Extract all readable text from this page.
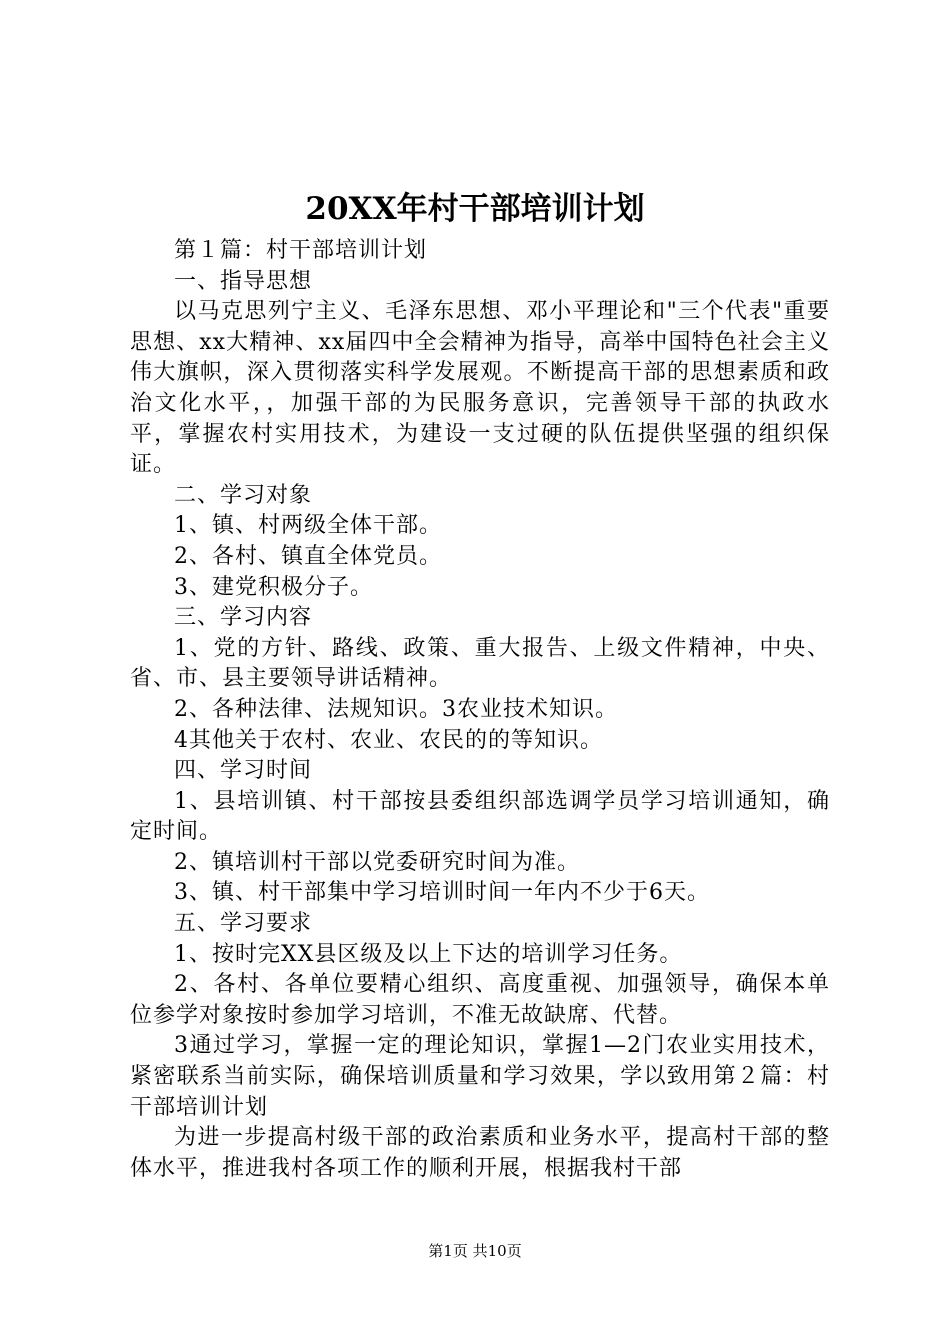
20XX年村干部培训计划

第１篇：村干部培训计划

一、指导思想

以马克思列宁主义、毛泽东思想、邓小平理论和"三个代表"重要思想、xx大精神、xx届四中全会精神为指导，高举中国特色社会主义伟大旗帜，深入贯彻落实科学发展观。不断提高干部的思想素质和政治文化水平，，加强干部的为民服务意识，完善领导干部的执政水平，掌握农村实用技术，为建设一支过硬的队伍提供坚强的组织保证。

二、学习对象

1、镇、村两级全体干部。

2、各村、镇直全体党员。

3、建党积极分子。

三、学习内容

1、党的方针、路线、政策、重大报告、上级文件精神，中央、省、市、县主要领导讲话精神。

2、各种法律、法规知识。3农业技术知识。

4其他关于农村、农业、农民的的等知识。

四、学习时间

1、县培训镇、村干部按县委组织部选调学员学习培训通知，确定时间。

2、镇培训村干部以党委研究时间为准。

3、镇、村干部集中学习培训时间一年内不少于6天。

五、学习要求

1、按时完XX县区级及以上下达的培训学习任务。

2、各村、各单位要精心组织、高度重视、加强领导，确保本单位参学对象按时参加学习培训，不准无故缺席、代替。

3通过学习，掌握一定的理论知识，掌握1—2门农业实用技术，紧密联系当前实际，确保培训质量和学习效果，学以致用第２篇：村干部培训计划

为进一步提高村级干部的政治素质和业务水平，提高村干部的整体水平，推进我村各项工作的顺利开展，根据我村干部

第1页 共10页
